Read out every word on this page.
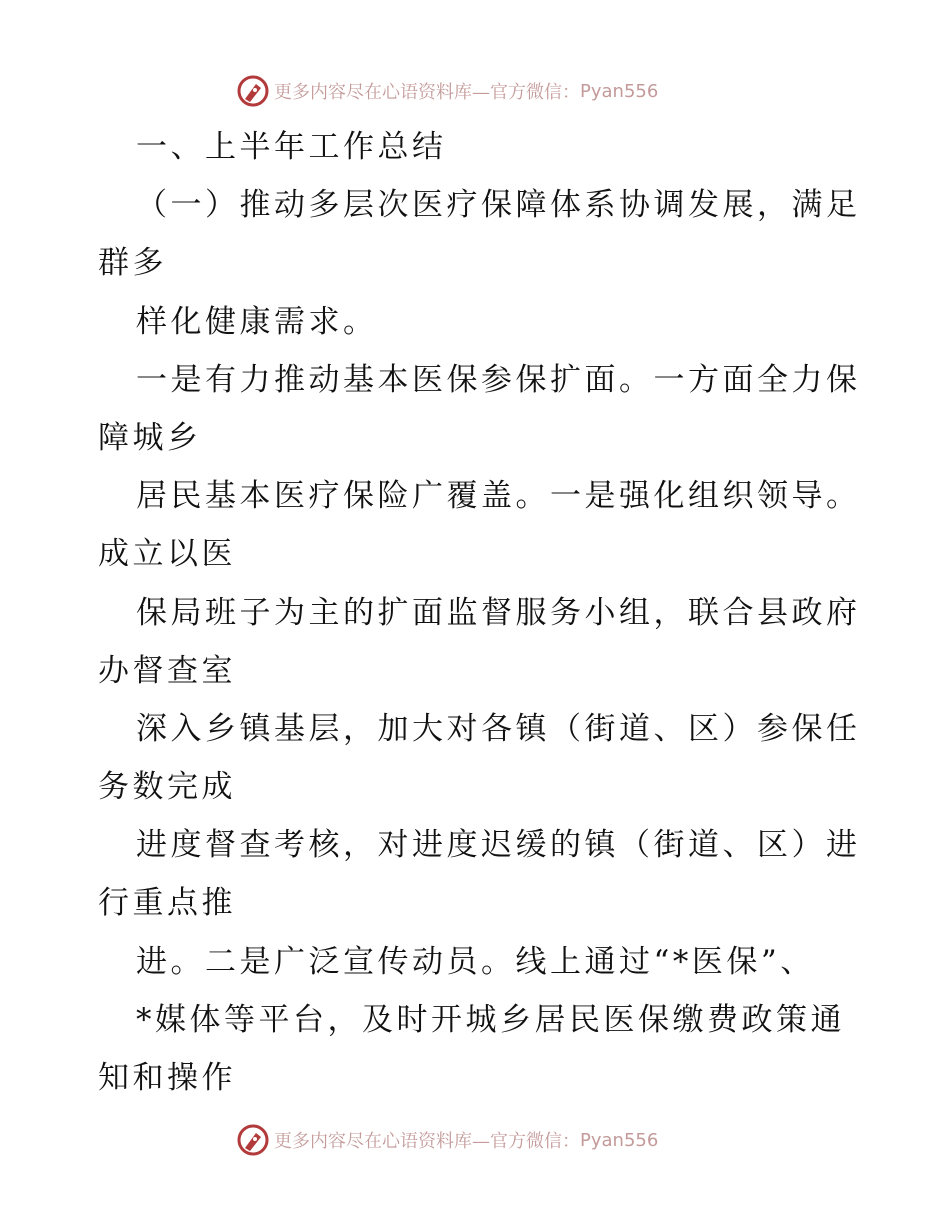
更多内容尽在心语资料库—官方微信： Pyan556
一、上半年工作总结
（一）推动多层次医疗保障体系协调发展，满足
群多
样化健康需求。
一是有力推动基本医保参保扩面。一方面全力保
障城乡
居民基本医疗保险广覆盖。一是强化组织领导。
成立以医
保局班子为主的扩面监督服务小组，联合县政府
办督查室
深入乡镇基层，加大对各镇（街道、区）参保任
务数完成
进度督查考核，对进度迟缓的镇（街道、区）进
行重点推
进。二是广泛宣传动员。线上通过“*医保”、
*媒体等平台，及时开城乡居民医保缴费政策通
知和操作
更多内容尽在心语资料库—官方微信： Pyan556
